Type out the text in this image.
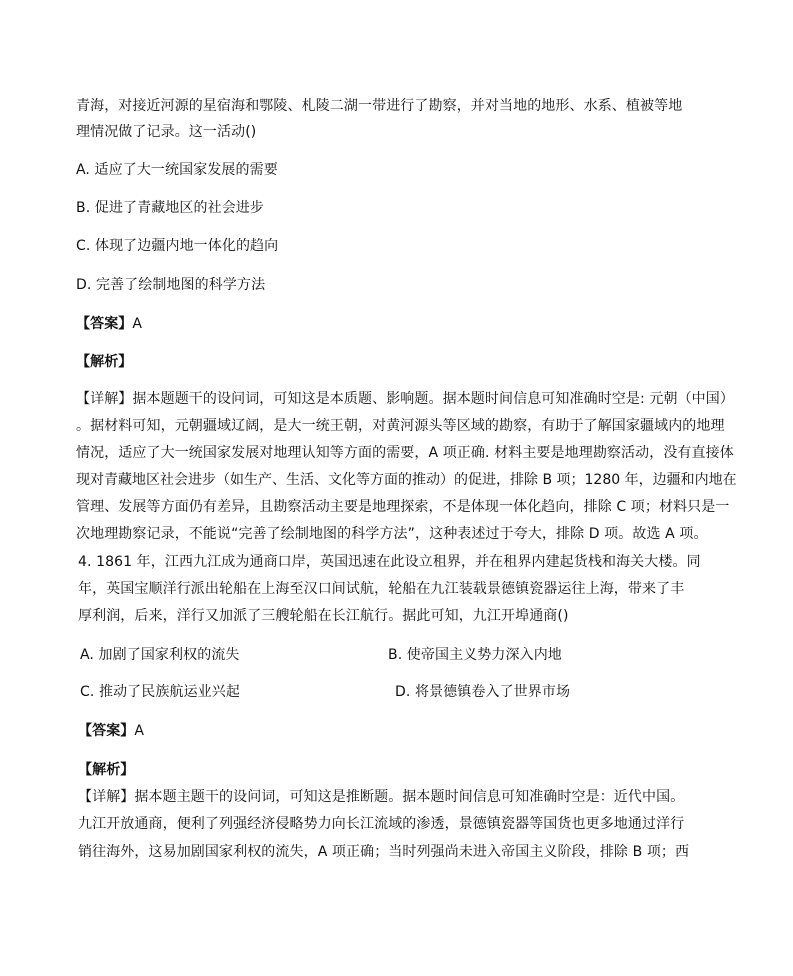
青海，对接近河源的星宿海和鄂陵、札陵二湖一带进行了勘察，并对当地的地形、水系、植被等地
理情况做了记录。这一活动()
A. 适应了大一统国家发展的需要
B. 促进了青藏地区的社会进步
C. 体现了边疆内地一体化的趋向
D. 完善了绘制地图的科学方法
【答案】A
【解析】
【详解】据本题题干的设问词，可知这是本质题、影响题。据本题时间信息可知准确时空是: 元朝（中国）
。据材料可知，元朝疆域辽阔，是大一统王朝，对黄河源头等区域的勘察，有助于了解国家疆域内的地理
情况，适应了大一统国家发展对地理认知等方面的需要，A 项正确. 材料主要是地理勘察活动，没有直接体
现对青藏地区社会进步（如生产、生活、文化等方面的推动）的促进，排除 B 项；1280 年，边疆和内地在
管理、发展等方面仍有差异，且勘察活动主要是地理探索，不是体现一体化趋向，排除 C 项；材料只是一
次地理勘察记录，不能说“完善了绘制地图的科学方法”，这种表述过于夸大，排除 D 项。故选 A 项。
4. 1861 年，江西九江成为通商口岸，英国迅速在此设立租界，并在租界内建起货栈和海关大楼。同
年，英国宝顺洋行派出轮船在上海至汉口间试航，轮船在九江装载景德镇瓷器运往上海，带来了丰
厚利润，后来，洋行又加派了三艘轮船在长江航行。据此可知，九江开埠通商()
A. 加剧了国家利权的流失	B. 使帝国主义势力深入内地
C. 推动了民族航运业兴起	D. 将景德镇卷入了世界市场
【答案】A
【解析】
【详解】据本题主题干的设问词，可知这是推断题。据本题时间信息可知准确时空是：近代中国。
九江开放通商，便利了列强经济侵略势力向长江流域的渗透，景德镇瓷器等国货也更多地通过洋行
销往海外，这易加剧国家利权的流失，A 项正确；当时列强尚未进入帝国主义阶段，排除 B 项；西
